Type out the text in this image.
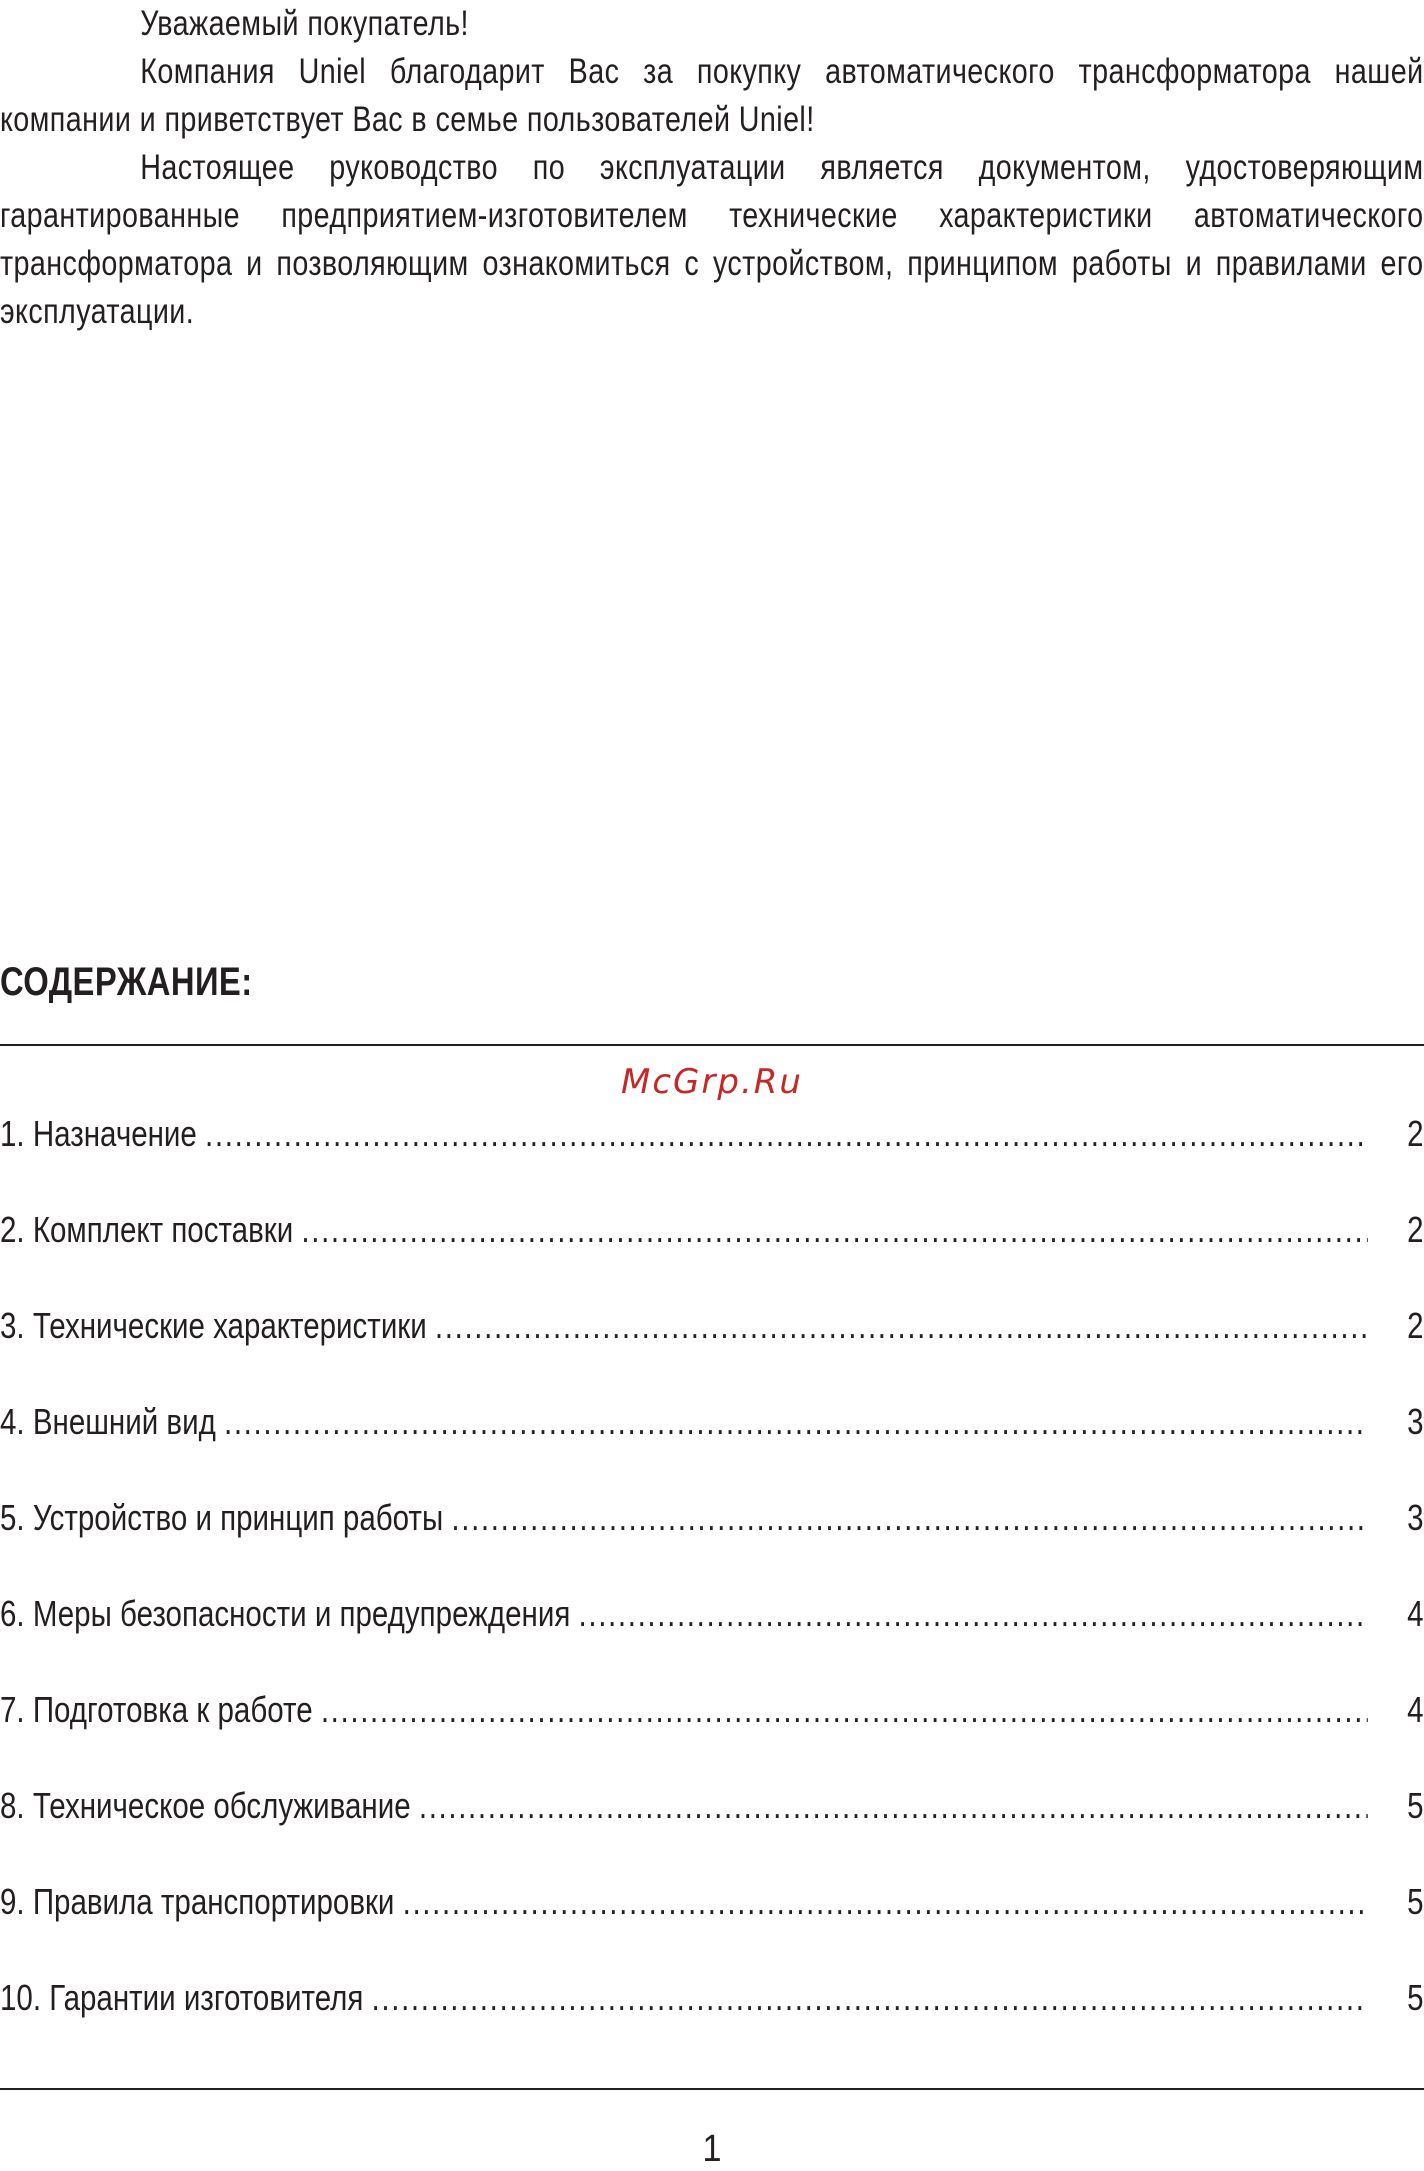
Уважаемый покупатель!

Компания Uniel благодарит Вас за покупку автоматического трансформатора нашей компании и приветствует Вас в семье пользователей Uniel!

Настоящее руководство по эксплуатации является документом, удостоверяющим гарантированные предприятием-изготовителем технические характеристики автоматического трансформатора и позволяющим ознакомиться с устройством, принципом работы и правилами его эксплуатации.

СОДЕРЖАНИЕ:
McGrp.Ru
1. Назначение .....	2
2. Комплект поставки .....	2
3. Технические характеристики .....	2
4. Внешний вид .....	3
5. Устройство и принцип работы .....	3
6. Меры безопасности и предупреждения .....	4
7. Подготовка к работе .....	4
8. Техническое обслуживание .....	5
9. Правила транспортировки .....	5
10. Гарантии изготовителя .....	5
1
